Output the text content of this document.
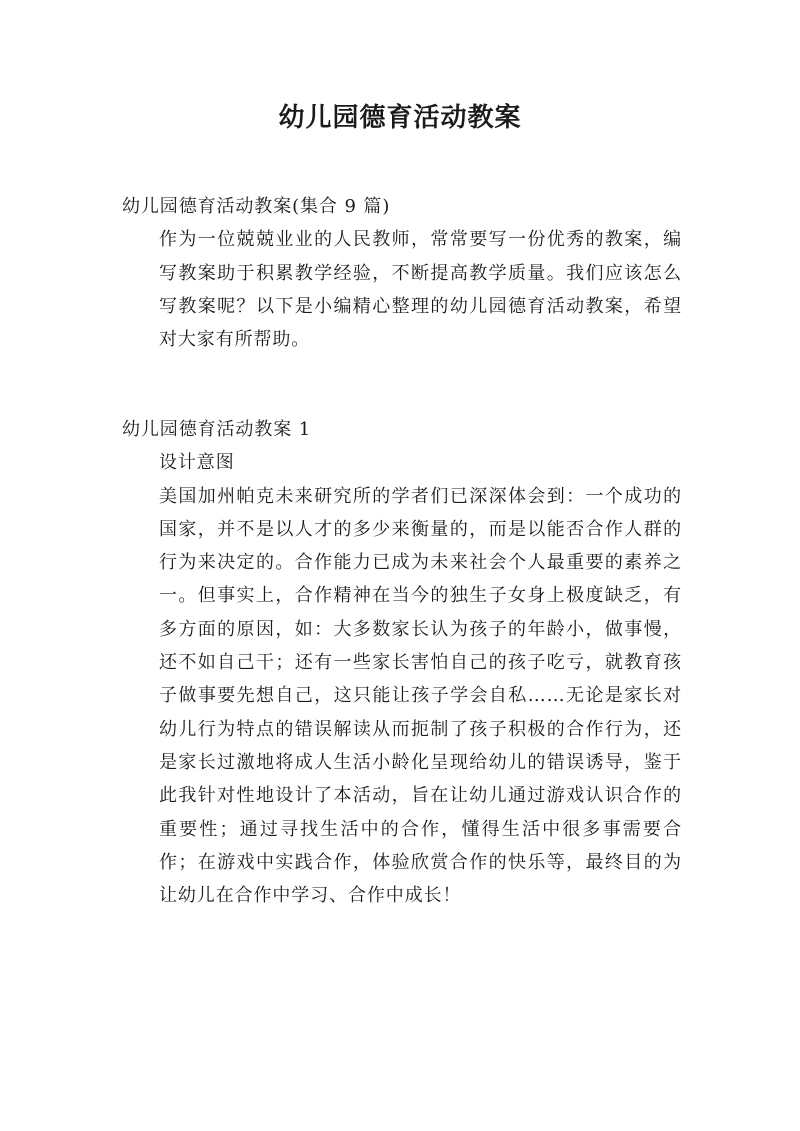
幼儿园德育活动教案

幼儿园德育活动教案(集合 9 篇)

作为一位兢兢业业的人民教师，常常要写一份优秀的教案，编写教案助于积累教学经验，不断提高教学质量。我们应该怎么写教案呢？以下是小编精心整理的幼儿园德育活动教案，希望对大家有所帮助。

幼儿园德育活动教案 1

设计意图

美国加州帕克未来研究所的学者们已深深体会到：一个成功的国家，并不是以人才的多少来衡量的，而是以能否合作人群的行为来决定的。合作能力已成为未来社会个人最重要的素养之一。但事实上，合作精神在当今的独生子女身上极度缺乏，有多方面的原因，如：大多数家长认为孩子的年龄小，做事慢，还不如自己干；还有一些家长害怕自己的孩子吃亏，就教育孩子做事要先想自己，这只能让孩子学会自私……无论是家长对幼儿行为特点的错误解读从而扼制了孩子积极的合作行为，还是家长过激地将成人生活小龄化呈现给幼儿的错误诱导，鉴于此我针对性地设计了本活动，旨在让幼儿通过游戏认识合作的重要性；通过寻找生活中的合作，懂得生活中很多事需要合作；在游戏中实践合作，体验欣赏合作的快乐等，最终目的为让幼儿在合作中学习、合作中成长！
